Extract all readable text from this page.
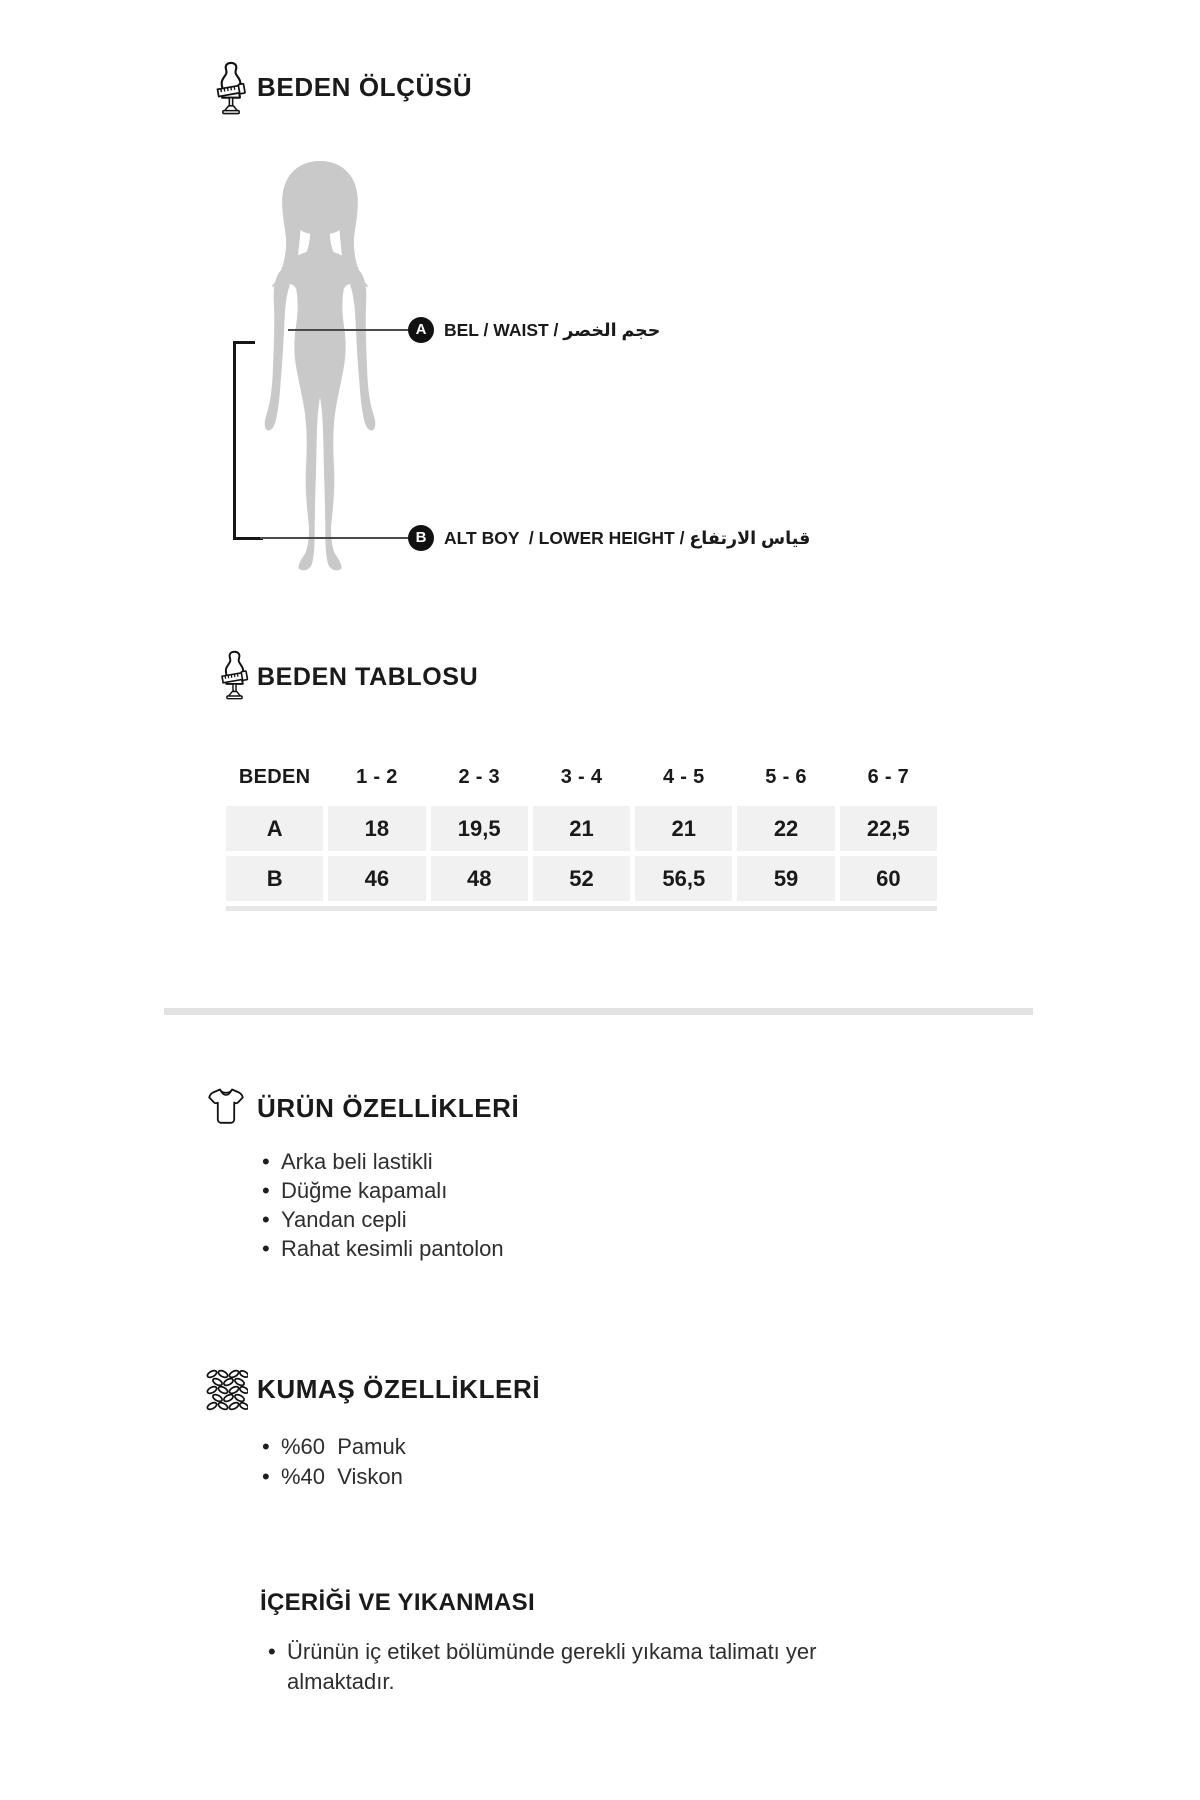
BEDEN ÖLÇÜSÜ
A	BEL / WAIST / حجم الخصر
B	ALT BOY  / LOWER HEIGHT / قياس الارتفاع
BEDEN TABLOSU
BEDEN	1 - 2	2 - 3	3 - 4	4 - 5	5 - 6	6 - 7
A	18	19,5	21	21	22	22,5
B	46	48	52	56,5	59	60
ÜRÜN ÖZELLİKLERİ
• Arka beli lastikli
• Düğme kapamalı
• Yandan cepli
• Rahat kesimli pantolon
KUMAŞ ÖZELLİKLERİ
• %60  Pamuk
• %40  Viskon
İÇERİĞİ VE YIKANMASI
• Ürünün iç etiket bölümünde gerekli yıkama talimatı yer almaktadır.
